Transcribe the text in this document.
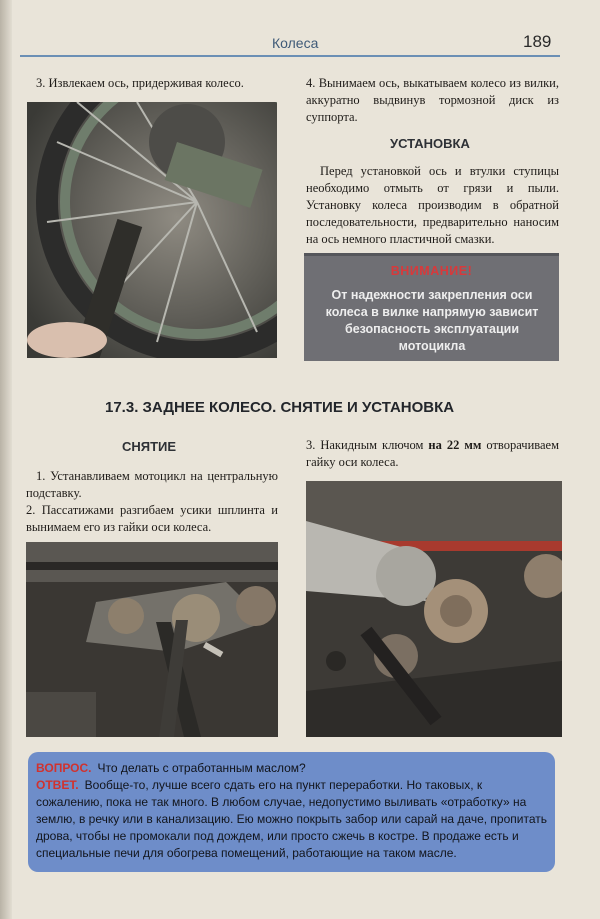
Колеса	189
3. Извлекаем ось, придерживая колесо.	4. Вынимаем ось, выкатываем колесо из вилки, аккуратно выдвинув тормозной диск из суппорта.
УСТАНОВКА
Перед установкой ось и втулки ступицы необходимо отмыть от грязи и пыли. Установку колеса производим в обратной последовательности, предварительно наносим на ось немного пластичной смазки.
ВНИМАНИЕ!
От надежности закрепления оси колеса в вилке напрямую зависит безопасность эксплуатации мотоцикла
17.3. ЗАДНЕЕ КОЛЕСО. СНЯТИЕ И УСТАНОВКА
СНЯТИЕ
1. Устанавливаем мотоцикл на центральную подставку.
2. Пассатижами разгибаем усики шплинта и вынимаем его из гайки оси колеса.
3. Накидным ключом на 22 мм отворачиваем гайку оси колеса.
ВОПРОС. Что делать с отработанным маслом?
ОТВЕТ. Вообще-то, лучше всего сдать его на пункт переработки. Но таковых, к сожалению, пока не так много. В любом случае, недопустимо выливать «отработку» на землю, в речку или в канализацию. Ею можно покрыть забор или сарай на даче, пропитать дрова, чтобы не промокали под дождем, или просто сжечь в костре. В продаже есть и специальные печи для обогрева помещений, работающие на таком масле.
